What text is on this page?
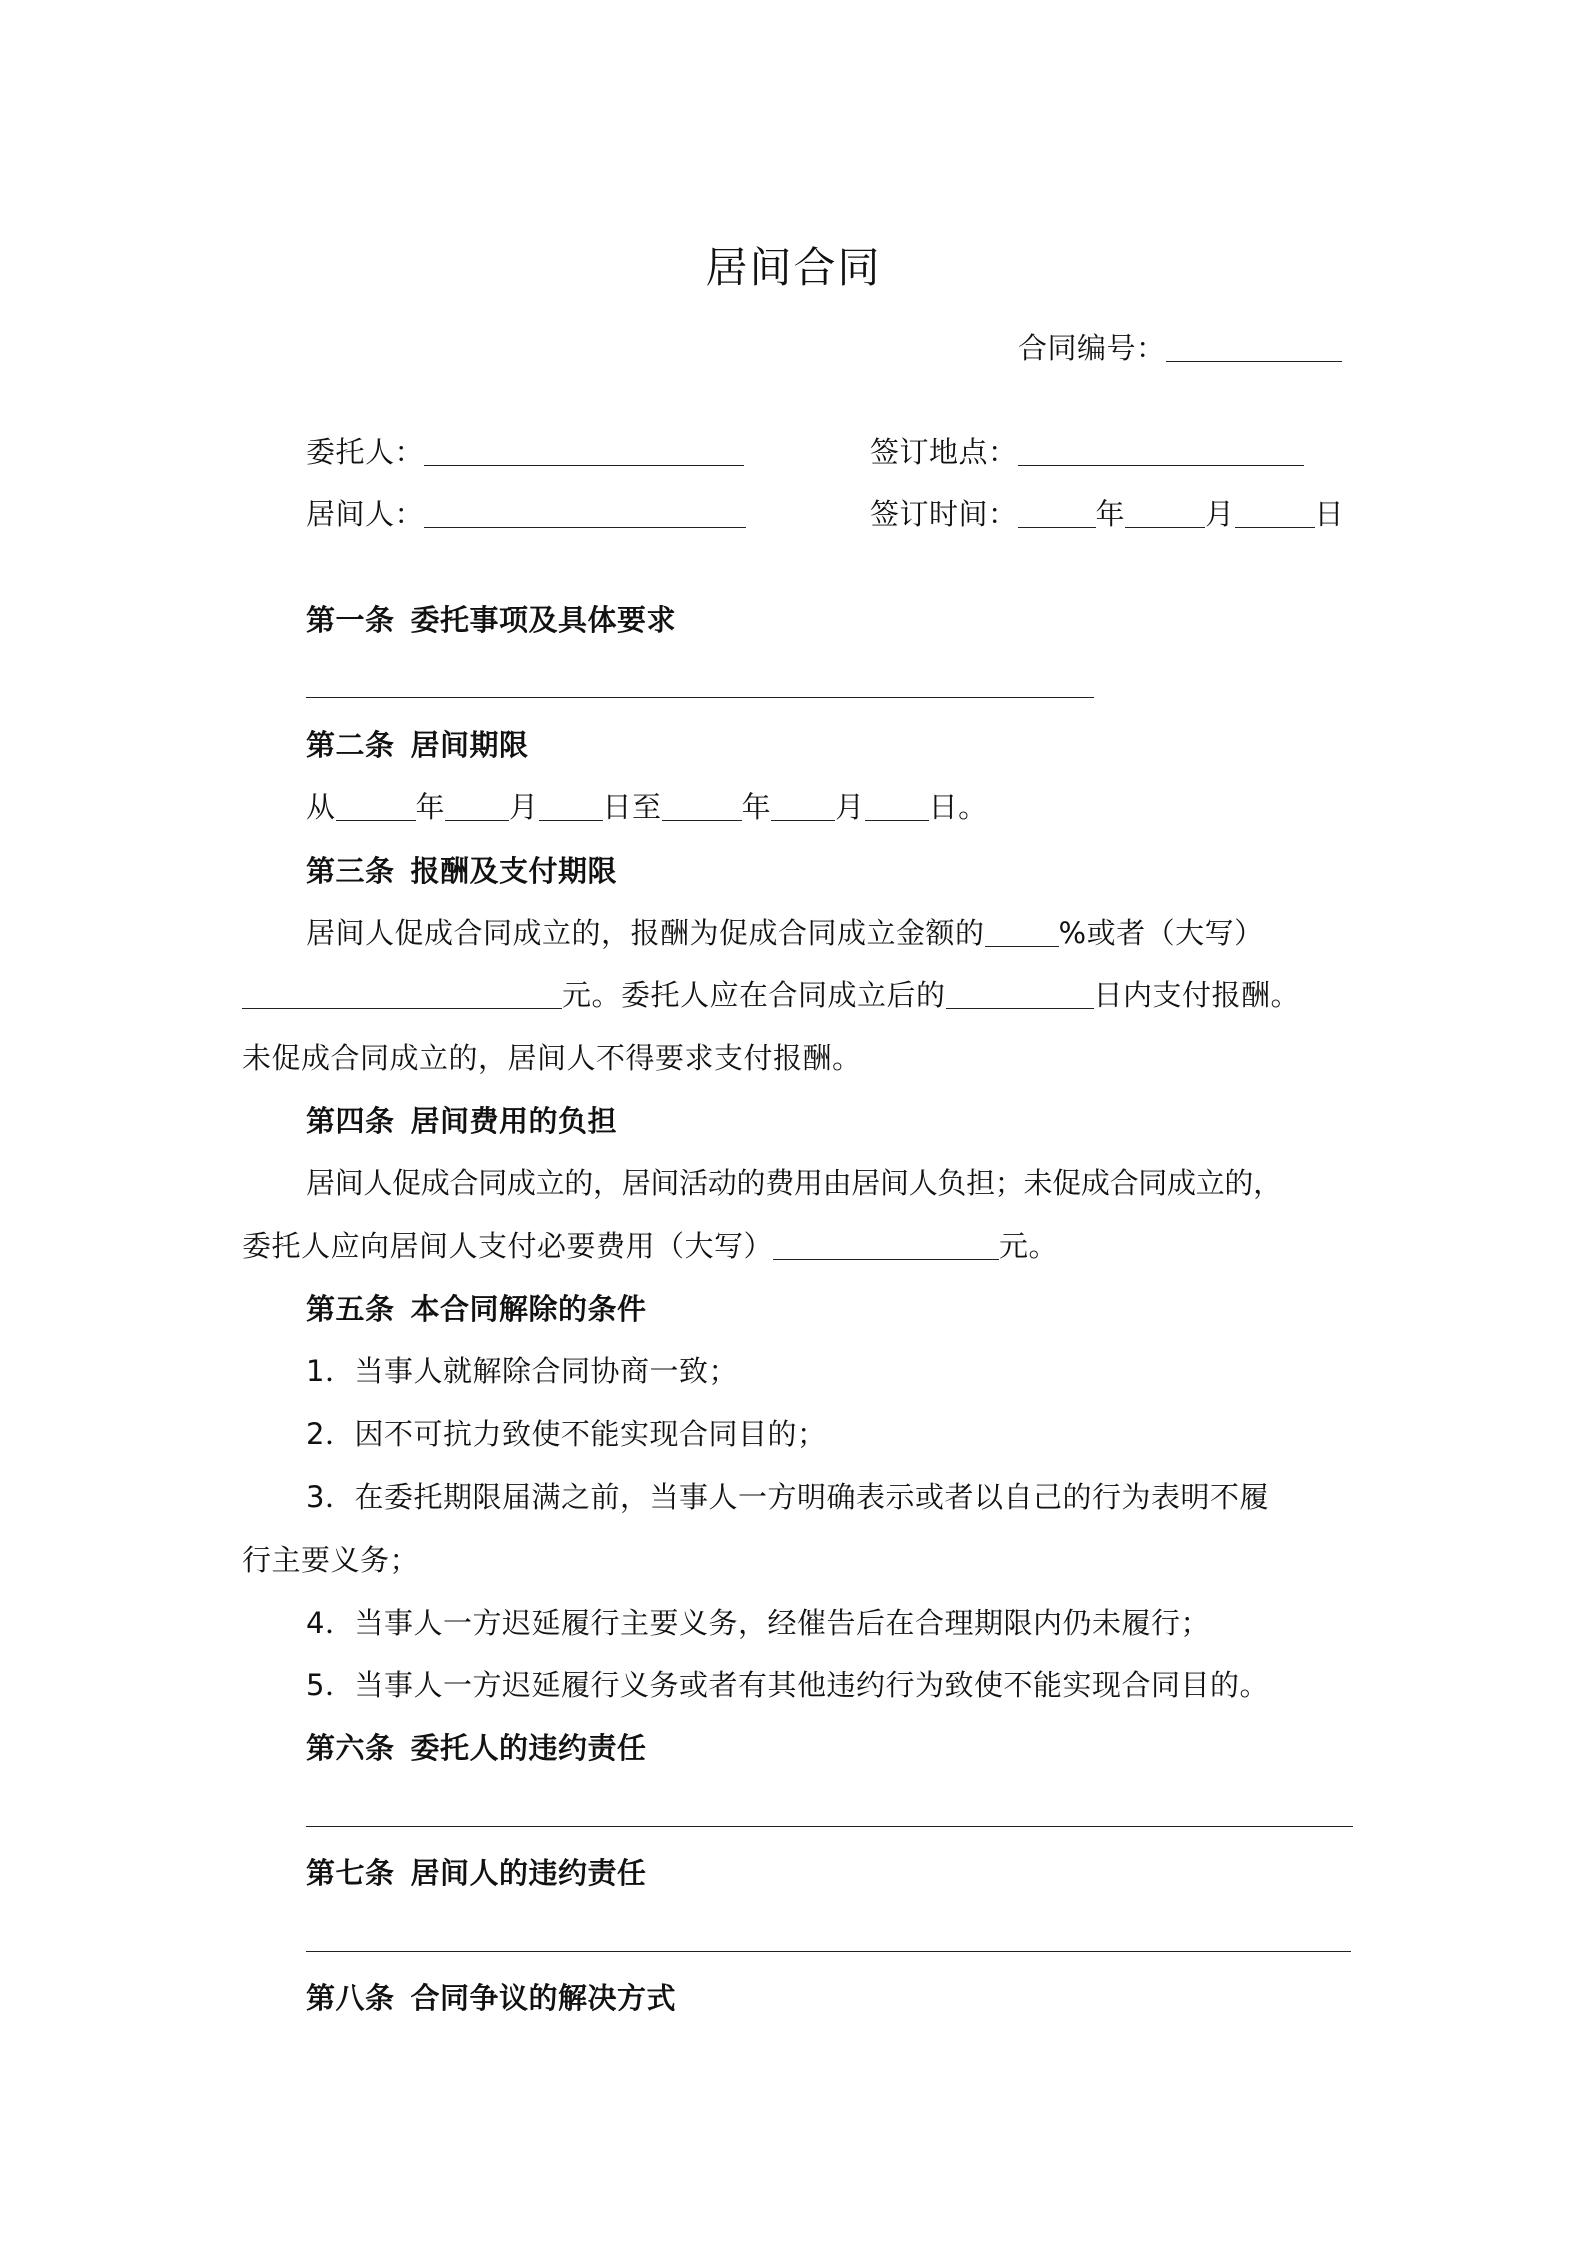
居间合同
合同编号：
委托人：	签订地点：
居间人：	签订时间：	年	月	日
第一条 委托事项及具体要求
第二条 居间期限
从	年 月 日至	年 月 日。
第三条 报酬及支付期限
居间人促成合同成立的，报酬为促成合同成立金额的	%或者（大写）
元。委托人应在合同成立后的	日内支付报酬。
未促成合同成立的，居间人不得要求支付报酬。
第四条 居间费用的负担
居间人促成合同成立的，居间活动的费用由居间人负担；未促成合同成立的，
委托人应向居间人支付必要费用（大写）	元。
第五条 本合同解除的条件
1．当事人就解除合同协商一致；
2．因不可抗力致使不能实现合同目的；
3．在委托期限届满之前，当事人一方明确表示或者以自己的行为表明不履
行主要义务；
4．当事人一方迟延履行主要义务，经催告后在合理期限内仍未履行；
5．当事人一方迟延履行义务或者有其他违约行为致使不能实现合同目的。
第六条 委托人的违约责任
第七条 居间人的违约责任
第八条 合同争议的解决方式
